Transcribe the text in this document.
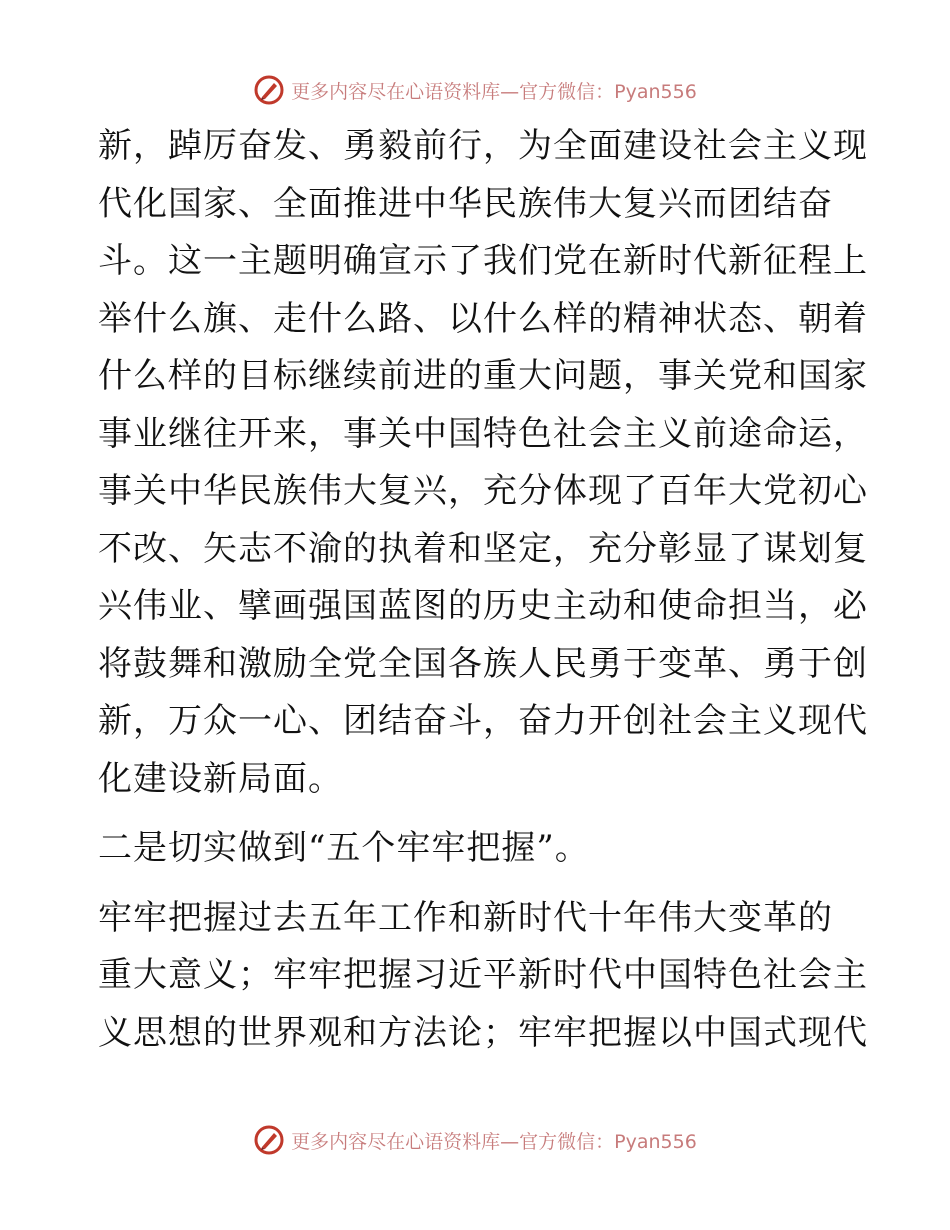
更多内容尽在心语资料库—官方微信：Pyan556

新，踔厉奋发、勇毅前行，为全面建设社会主义现
代化国家、全面推进中华民族伟大复兴而团结奋
斗。这一主题明确宣示了我们党在新时代新征程上
举什么旗、走什么路、以什么样的精神状态、朝着
什么样的目标继续前进的重大问题，事关党和国家
事业继往开来，事关中国特色社会主义前途命运，
事关中华民族伟大复兴，充分体现了百年大党初心
不改、矢志不渝的执着和坚定，充分彰显了谋划复
兴伟业、擘画强国蓝图的历史主动和使命担当，必
将鼓舞和激励全党全国各族人民勇于变革、勇于创
新，万众一心、团结奋斗，奋力开创社会主义现代
化建设新局面。

二是切实做到“五个牢牢把握”。

牢牢把握过去五年工作和新时代十年伟大变革的
重大意义；牢牢把握习近平新时代中国特色社会主
义思想的世界观和方法论；牢牢把握以中国式现代

更多内容尽在心语资料库—官方微信：Pyan556
